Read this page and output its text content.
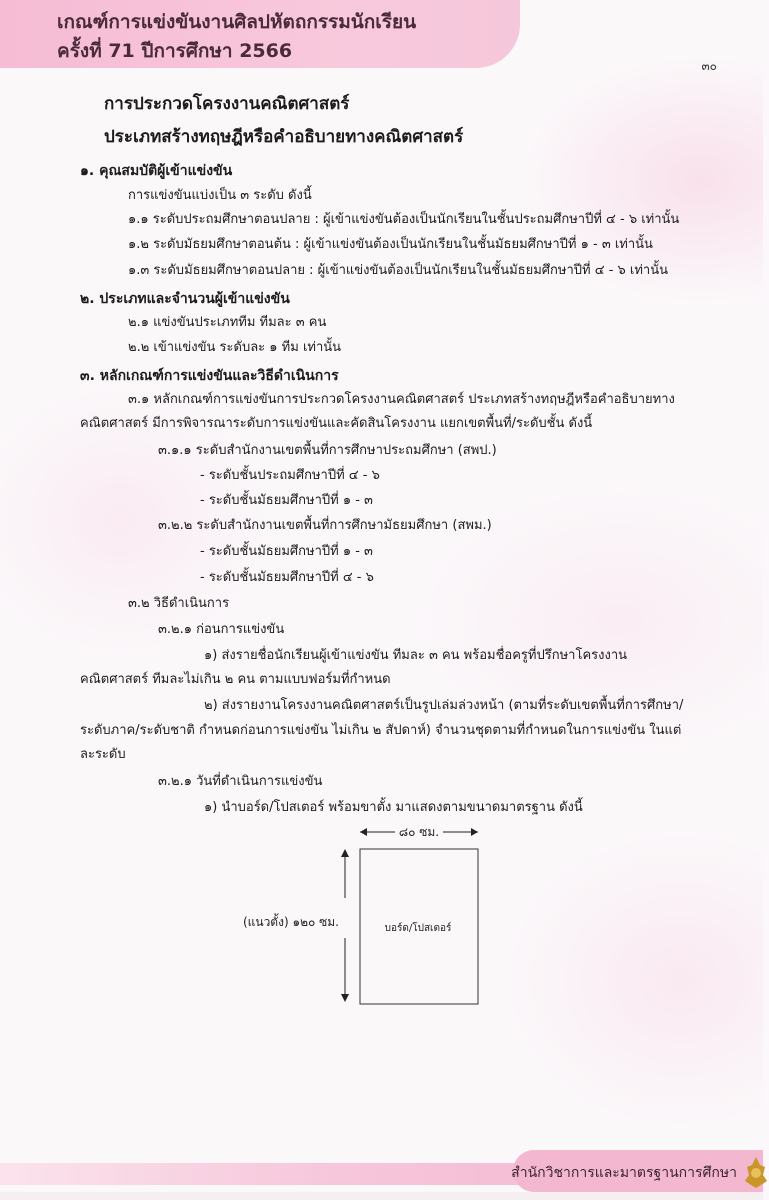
เกณฑ์การแข่งขันงานศิลปหัตถกรรมนักเรียน
ครั้งที่ 71 ปีการศึกษา 2566
๓๐
การประกวดโครงงานคณิตศาสตร์
ประเภทสร้างทฤษฎีหรือคำอธิบายทางคณิตศาสตร์
๑. คุณสมบัติผู้เข้าแข่งขัน
การแข่งขันแบ่งเป็น ๓ ระดับ ดังนี้
๑.๑ ระดับประถมศึกษาตอนปลาย : ผู้เข้าแข่งขันต้องเป็นนักเรียนในชั้นประถมศึกษาปีที่ ๔ - ๖ เท่านั้น
๑.๒ ระดับมัธยมศึกษาตอนต้น : ผู้เข้าแข่งขันต้องเป็นนักเรียนในชั้นมัธยมศึกษาปีที่ ๑ - ๓ เท่านั้น
๑.๓ ระดับมัธยมศึกษาตอนปลาย : ผู้เข้าแข่งขันต้องเป็นนักเรียนในชั้นมัธยมศึกษาปีที่ ๔ - ๖ เท่านั้น
๒. ประเภทและจำนวนผู้เข้าแข่งขัน
๒.๑ แข่งขันประเภททีม ทีมละ ๓ คน
๒.๒ เข้าแข่งขัน ระดับละ ๑ ทีม เท่านั้น
๓. หลักเกณฑ์การแข่งขันและวิธีดำเนินการ
๓.๑ หลักเกณฑ์การแข่งขันการประกวดโครงงานคณิตศาสตร์ ประเภทสร้างทฤษฎีหรือคำอธิบายทาง
คณิตศาสตร์ มีการพิจารณาระดับการแข่งขันและคัดสินโครงงาน แยกเขตพื้นที่/ระดับชั้น ดังนี้
๓.๑.๑ ระดับสำนักงานเขตพื้นที่การศึกษาประถมศึกษา (สพป.)
- ระดับชั้นประถมศึกษาปีที่ ๔ - ๖
- ระดับชั้นมัธยมศึกษาปีที่ ๑ - ๓
๓.๒.๒ ระดับสำนักงานเขตพื้นที่การศึกษามัธยมศึกษา (สพม.)
- ระดับชั้นมัธยมศึกษาปีที่ ๑ - ๓
- ระดับชั้นมัธยมศึกษาปีที่ ๔ - ๖
๓.๒ วิธีดำเนินการ
๓.๒.๑ ก่อนการแข่งขัน
๑) ส่งรายชื่อนักเรียนผู้เข้าแข่งขัน ทีมละ ๓ คน พร้อมชื่อครูที่ปรึกษาโครงงาน
คณิตศาสตร์ ทีมละไม่เกิน ๒ คน ตามแบบฟอร์มที่กำหนด
๒) ส่งรายงานโครงงานคณิตศาสตร์เป็นรูปเล่มล่วงหน้า (ตามที่ระดับเขตพื้นที่การศึกษา/
ระดับภาค/ระดับชาติ กำหนดก่อนการแข่งขัน ไม่เกิน ๒ สัปดาห์) จำนวนชุดตามที่กำหนดในการแข่งขัน ในแต่
ละระดับ
๓.๒.๑ วันที่ดำเนินการแข่งขัน
๑) นำบอร์ด/โปสเตอร์ พร้อมขาตั้ง มาแสดงตามขนาดมาตรฐาน ดังนี้
๘๐ ซม.
บอร์ด/โปสเตอร์
(แนวตั้ง) ๑๒๐ ซม.
สำนักวิชาการและมาตรฐานการศึกษา
